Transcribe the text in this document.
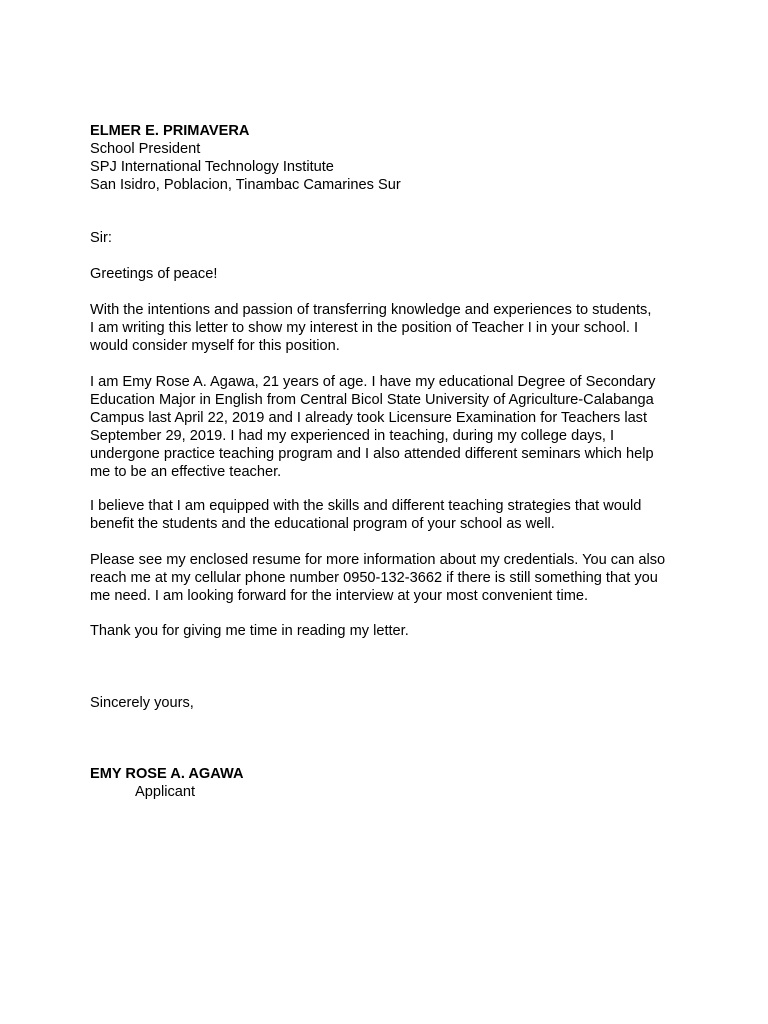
ELMER E. PRIMAVERA
School President
SPJ International Technology Institute
San Isidro, Poblacion, Tinambac Camarines Sur
Sir:
Greetings of peace!
With the intentions and passion of transferring knowledge and experiences to students,
I am writing this letter to show my interest in the position of Teacher I in your school. I
would consider myself for this position.
I am Emy Rose A. Agawa, 21 years of age. I have my educational Degree of Secondary
Education Major in English from Central Bicol State University of Agriculture-Calabanga
Campus last April 22, 2019 and I already took Licensure Examination for Teachers last
September 29, 2019. I had my experienced in teaching, during my college days, I
undergone practice teaching program and I also attended different seminars which help
me to be an effective teacher.
I believe that I am equipped with the skills and different teaching strategies that would
benefit the students and the educational program of your school as well.
Please see my enclosed resume for more information about my credentials. You can also
reach me at my cellular phone number 0950-132-3662 if there is still something that you
me need. I am looking forward for the interview at your most convenient time.
Thank you for giving me time in reading my letter.
Sincerely yours,
EMY ROSE A. AGAWA
Applicant
